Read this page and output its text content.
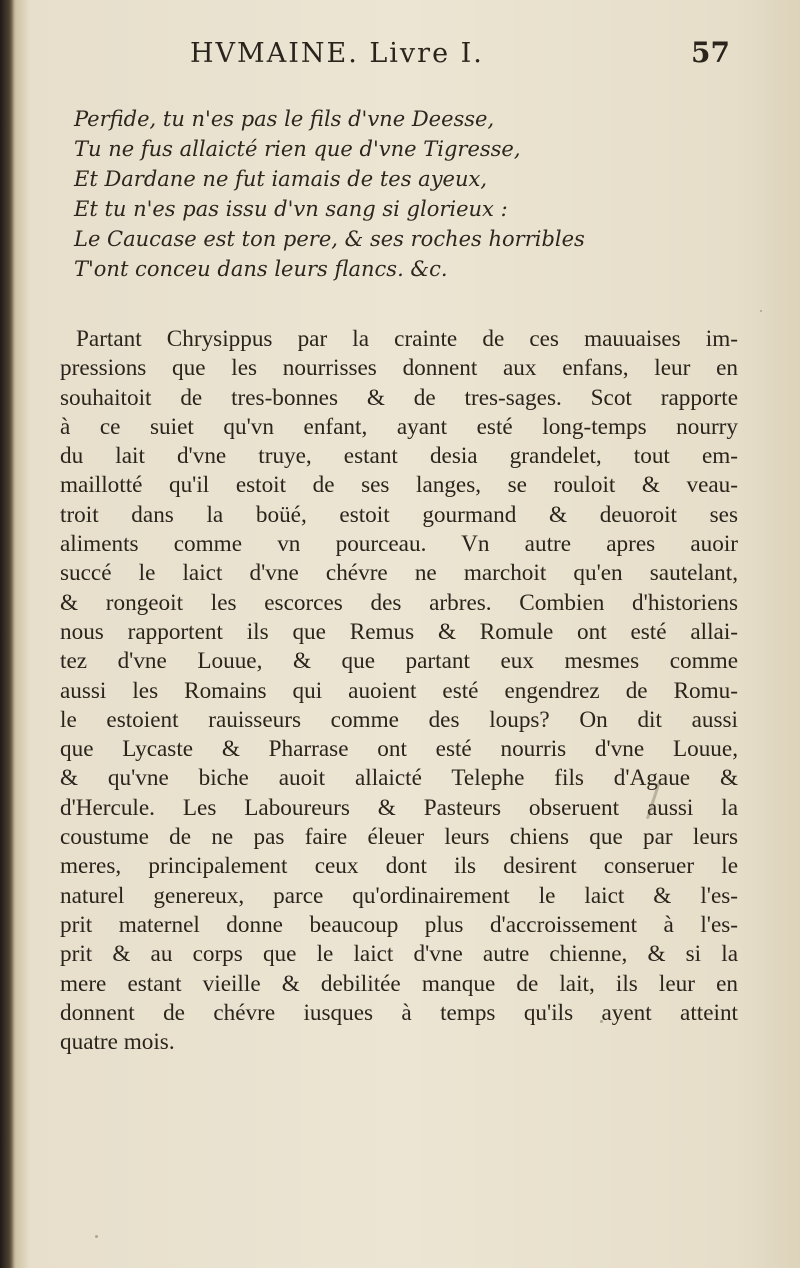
HVMAINE. Livre I.	57
Perfide, tu n'es pas le fils d'vne Deesse,
Tu ne fus allaicté rien que d'vne Tigresse,
Et Dardane ne fut iamais de tes ayeux,
Et tu n'es pas issu d'vn sang si glorieux :
Le Caucase est ton pere, & ses roches horribles
T'ont conceu dans leurs flancs. &c.
Partant Chrysippus par la crainte de ces mauuaises im-
pressions que les nourrisses donnent aux enfans, leur en
souhaitoit de tres-bonnes & de tres-sages. Scot rapporte
à ce suiet qu'vn enfant, ayant esté long-temps nourry
du lait d'vne truye, estant desia grandelet, tout em-
maillotté qu'il estoit de ses langes, se rouloit & veau-
troit dans la boüé, estoit gourmand & deuoroit ses
aliments comme vn pourceau. Vn autre apres auoir
succé le laict d'vne chévre ne marchoit qu'en sautelant,
& rongeoit les escorces des arbres. Combien d'historiens
nous rapportent ils que Remus & Romule ont esté allai-
tez d'vne Louue, & que partant eux mesmes comme
aussi les Romains qui auoient esté engendrez de Romu-
le estoient rauisseurs comme des loups? On dit aussi
que Lycaste & Pharrase ont esté nourris d'vne Louue,
& qu'vne biche auoit allaicté Telephe fils d'Agaue &
d'Hercule. Les Laboureurs & Pasteurs obseruent aussi la
coustume de ne pas faire éleuer leurs chiens que par leurs
meres, principalement ceux dont ils desirent conseruer le
naturel genereux, parce qu'ordinairement le laict & l'es-
prit maternel donne beaucoup plus d'accroissement à l'es-
prit & au corps que le laict d'vne autre chienne, & si la
mere estant vieille & debilitée manque de lait, ils leur en
donnent de chévre iusques à temps qu'ils ayent atteint
quatre mois.
